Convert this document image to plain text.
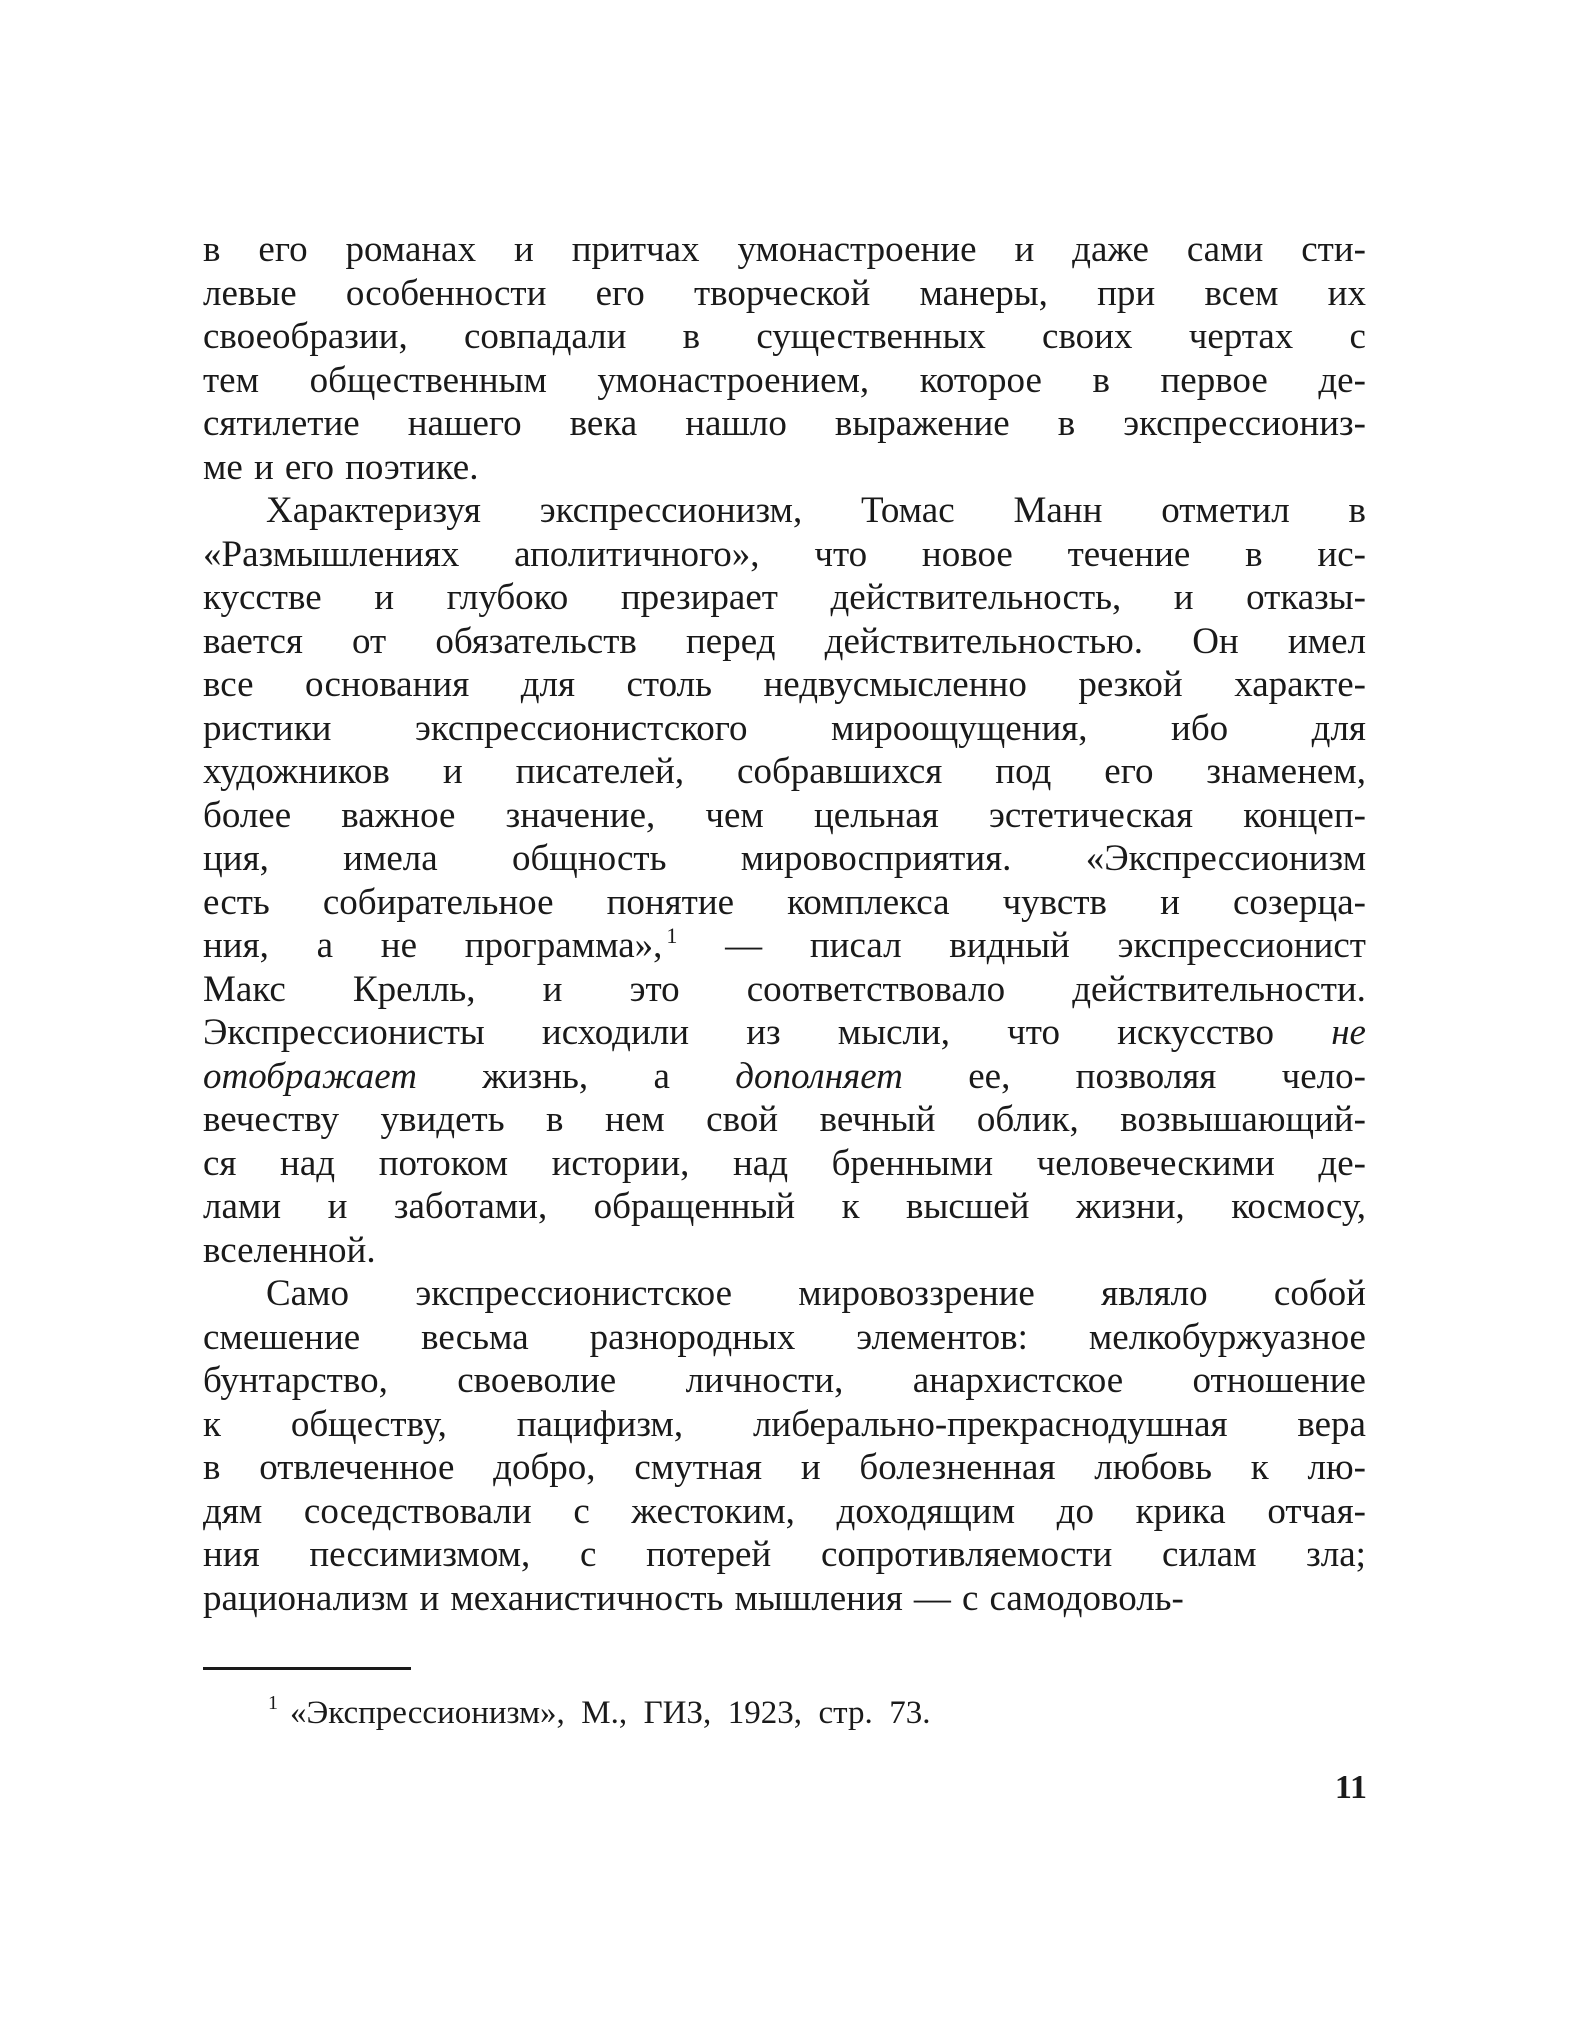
в его романах и притчах умонастроение и даже сами сти-
левые особенности его творческой манеры, при всем их
своеобразии, совпадали в существенных своих чертах с
тем общественным умонастроением, которое в первое де-
сятилетие нашего века нашло выражение в экспрессиониз-
ме и его поэтике.
Характеризуя экспрессионизм, Томас Манн отметил в
«Размышлениях аполитичного», что новое течение в ис-
кусстве и глубоко презирает действительность, и отказы-
вается от обязательств перед действительностью. Он имел
все основания для столь недвусмысленно резкой характе-
ристики экспрессионистского мироощущения, ибо для
художников и писателей, собравшихся под его знаменем,
более важное значение, чем цельная эстетическая концеп-
ция, имела общность мировосприятия. «Экспрессионизм
есть собирательное понятие комплекса чувств и созерца-
ния, а не программа», $^1$ — писал видный экспрессионист
Макс Крелль, и это соответствовало действительности.
Экспрессионисты исходили из мысли, что искусство не
отображает жизнь, а дополняет ее, позволяя чело-
вечеству увидеть в нем свой вечный облик, возвышающий-
ся над потоком истории, над бренными человеческими де-
лами и заботами, обращенный к высшей жизни, космосу,
вселенной.
Само экспрессионистское мировоззрение являло собой
смешение весьма разнородных элементов: мелкобуржуазное
бунтарство, своеволие личности, анархистское отношение
к обществу, пацифизм, либерально-прекраснодушная вера
в отвлеченное добро, смутная и болезненная любовь к лю-
дям соседствовали с жестоким, доходящим до крика отчая-
ния пессимизмом, с потерей сопротивляемости силам зла;
рационализм и механистичность мышления — с самодоволь-
$^1$ «Экспрессионизм», М., ГИЗ, 1923, стр. 73.
11
